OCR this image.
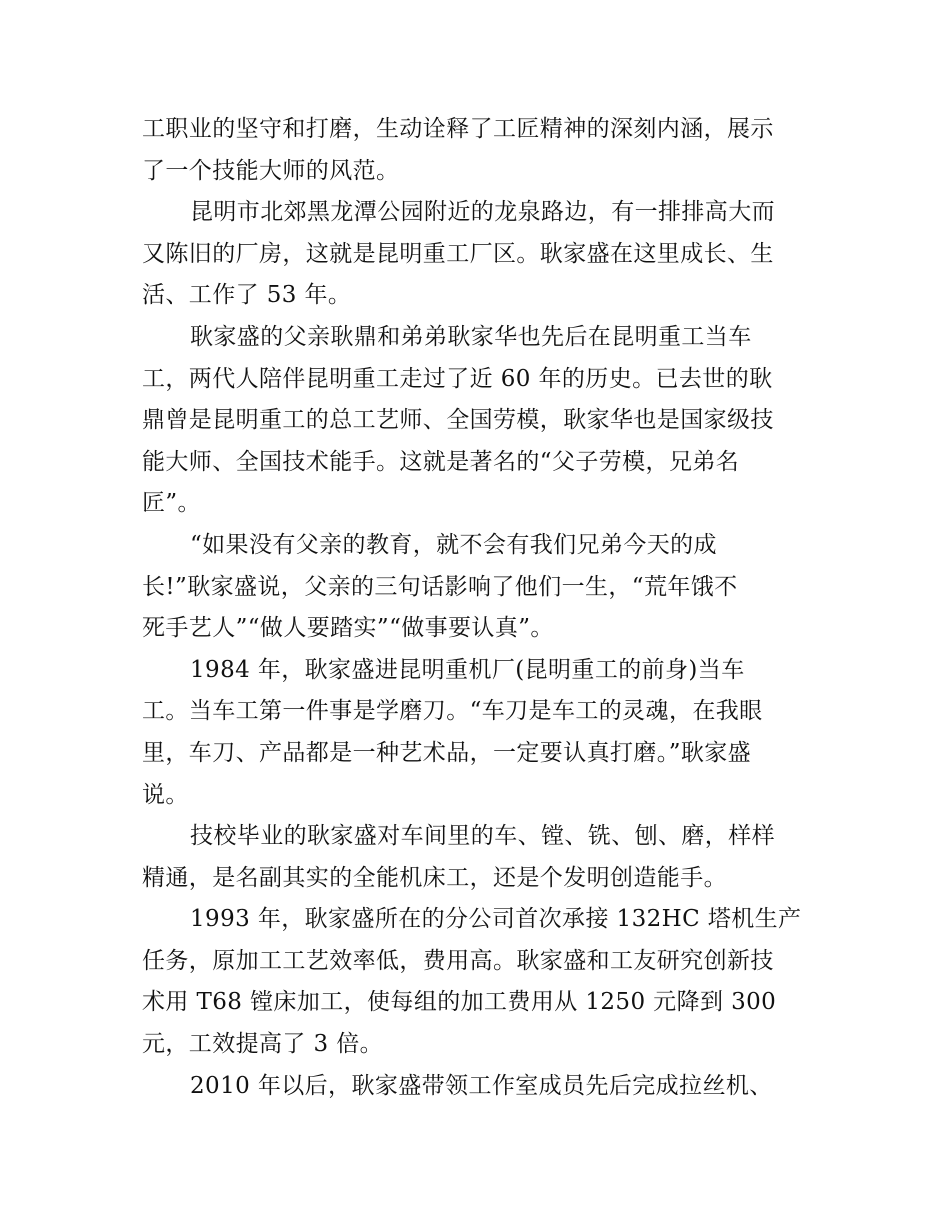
工职业的坚守和打磨，生动诠释了工匠精神的深刻内涵，展示
了一个技能大师的风范。
昆明市北郊黑龙潭公园附近的龙泉路边，有一排排高大而
又陈旧的厂房，这就是昆明重工厂区。耿家盛在这里成长、生
活、工作了 53 年。
耿家盛的父亲耿鼎和弟弟耿家华也先后在昆明重工当车
工，两代人陪伴昆明重工走过了近 60 年的历史。已去世的耿
鼎曾是昆明重工的总工艺师、全国劳模，耿家华也是国家级技
能大师、全国技术能手。这就是著名的“父子劳模，兄弟名
匠”。
“如果没有父亲的教育，就不会有我们兄弟今天的成
长!”耿家盛说，父亲的三句话影响了他们一生，“荒年饿不
死手艺人”“做人要踏实”“做事要认真”。
1984 年，耿家盛进昆明重机厂(昆明重工的前身)当车
工。当车工第一件事是学磨刀。“车刀是车工的灵魂，在我眼
里，车刀、产品都是一种艺术品，一定要认真打磨。”耿家盛
说。
技校毕业的耿家盛对车间里的车、镗、铣、刨、磨，样样
精通，是名副其实的全能机床工，还是个发明创造能手。
1993 年，耿家盛所在的分公司首次承接 132HC 塔机生产
任务，原加工工艺效率低，费用高。耿家盛和工友研究创新技
术用 T68 镗床加工，使每组的加工费用从 1250 元降到 300
元，工效提高了 3 倍。
2010 年以后，耿家盛带领工作室成员先后完成拉丝机、
